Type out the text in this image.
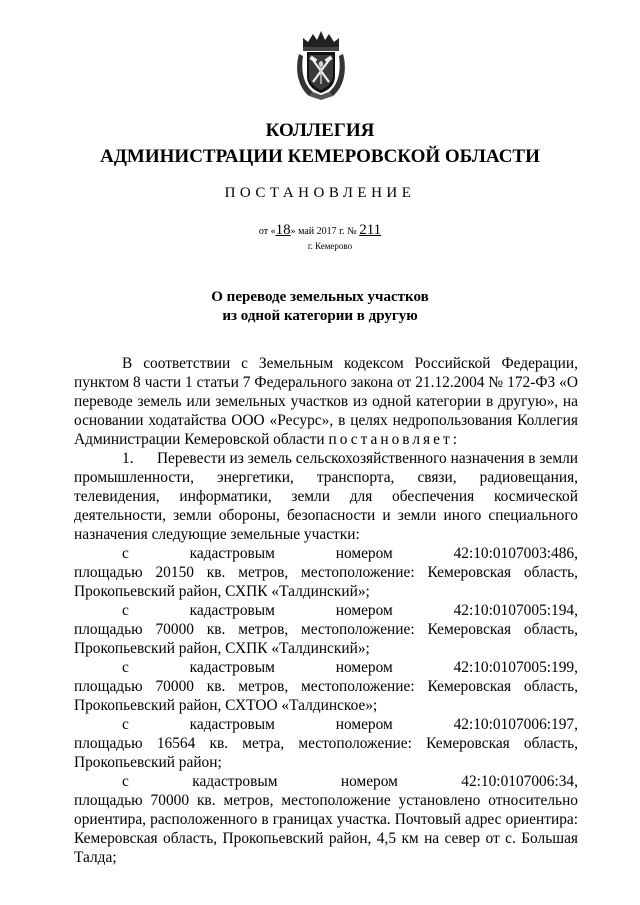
КОЛЛЕГИЯ
АДМИНИСТРАЦИИ КЕМЕРОВСКОЙ ОБЛАСТИ
ПОСТАНОВЛЕНИЕ
от «18» май 2017 г. № 211
г. Кемерово
О переводе земельных участков
из одной категории в другую

В соответствии с Земельным кодексом Российской Федерации, пунктом 8 части 1 статьи 7 Федерального закона от 21.12.2004 № 172-ФЗ «О переводе земель или земельных участков из одной категории в другую», на основании ходатайства ООО «Ресурс», в целях недропользования Коллегия Администрации Кемеровской области постановляет:

1. Перевести из земель сельскохозяйственного назначения в земли промышленности, энергетики, транспорта, связи, радиовещания, телевидения, информатики, земли для обеспечения космической деятельности, земли обороны, безопасности и земли иного специального назначения следующие земельные участки:

с	кадастровым	номером	42:10:0107003:486,

площадью 20150 кв. метров, местоположение: Кемеровская область, Прокопьевский район, СХПК «Талдинский»;

с	кадастровым	номером	42:10:0107005:194,

площадью 70000 кв. метров, местоположение: Кемеровская область, Прокопьевский район, СХПК «Талдинский»;

с	кадастровым	номером	42:10:0107005:199,

площадью 70000 кв. метров, местоположение: Кемеровская область, Прокопьевский район, СХТОО «Талдинское»;

с	кадастровым	номером	42:10:0107006:197,

площадью 16564 кв. метра, местоположение: Кемеровская область, Прокопьевский район;

с	кадастровым	номером	42:10:0107006:34,

площадью 70000 кв. метров, местоположение установлено относительно ориентира, расположенного в границах участка. Почтовый адрес ориентира: Кемеровская область, Прокопьевский район, 4,5 км на север от с. Большая Талда;
